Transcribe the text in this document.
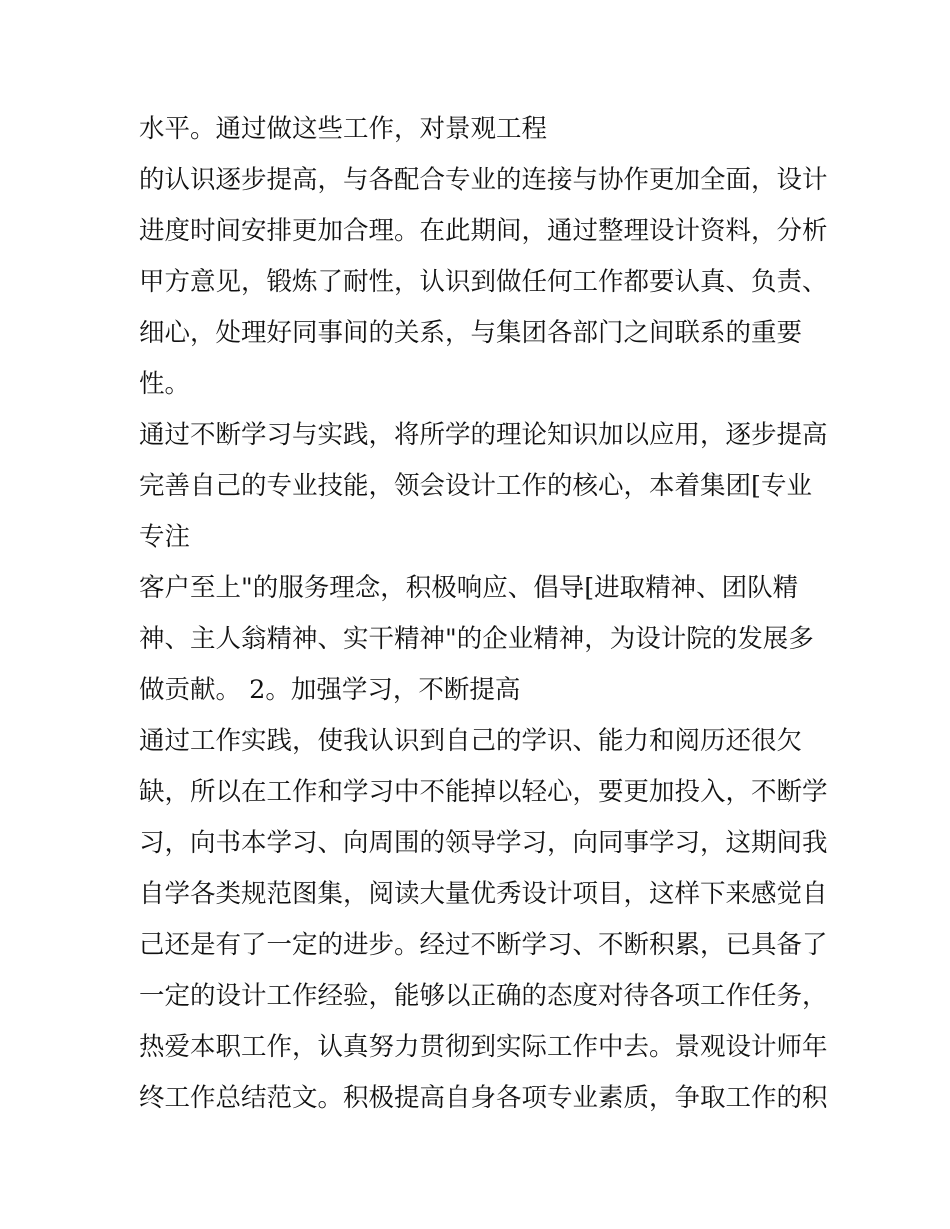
水平。通过做这些工作，对景观工程
的认识逐步提高，与各配合专业的连接与协作更加全面，设计
进度时间安排更加合理。在此期间，通过整理设计资料，分析
甲方意见，锻炼了耐性，认识到做任何工作都要认真、负责、
细心，处理好同事间的关系，与集团各部门之间联系的重要
性。
通过不断学习与实践，将所学的理论知识加以应用，逐步提高
完善自己的专业技能，领会设计工作的核心，本着集团[专业
专注
客户至上"的服务理念，积极响应、倡导[进取精神、团队精
神、主人翁精神、实干精神"的企业精神，为设计院的发展多
做贡献。 2。加强学习，不断提高
通过工作实践，使我认识到自己的学识、能力和阅历还很欠
缺，所以在工作和学习中不能掉以轻心，要更加投入，不断学
习，向书本学习、向周围的领导学习，向同事学习，这期间我
自学各类规范图集，阅读大量优秀设计项目，这样下来感觉自
己还是有了一定的进步。经过不断学习、不断积累，已具备了
一定的设计工作经验，能够以正确的态度对待各项工作任务，
热爱本职工作，认真努力贯彻到实际工作中去。景观设计师年
终工作总结范文。积极提高自身各项专业素质，争取工作的积
